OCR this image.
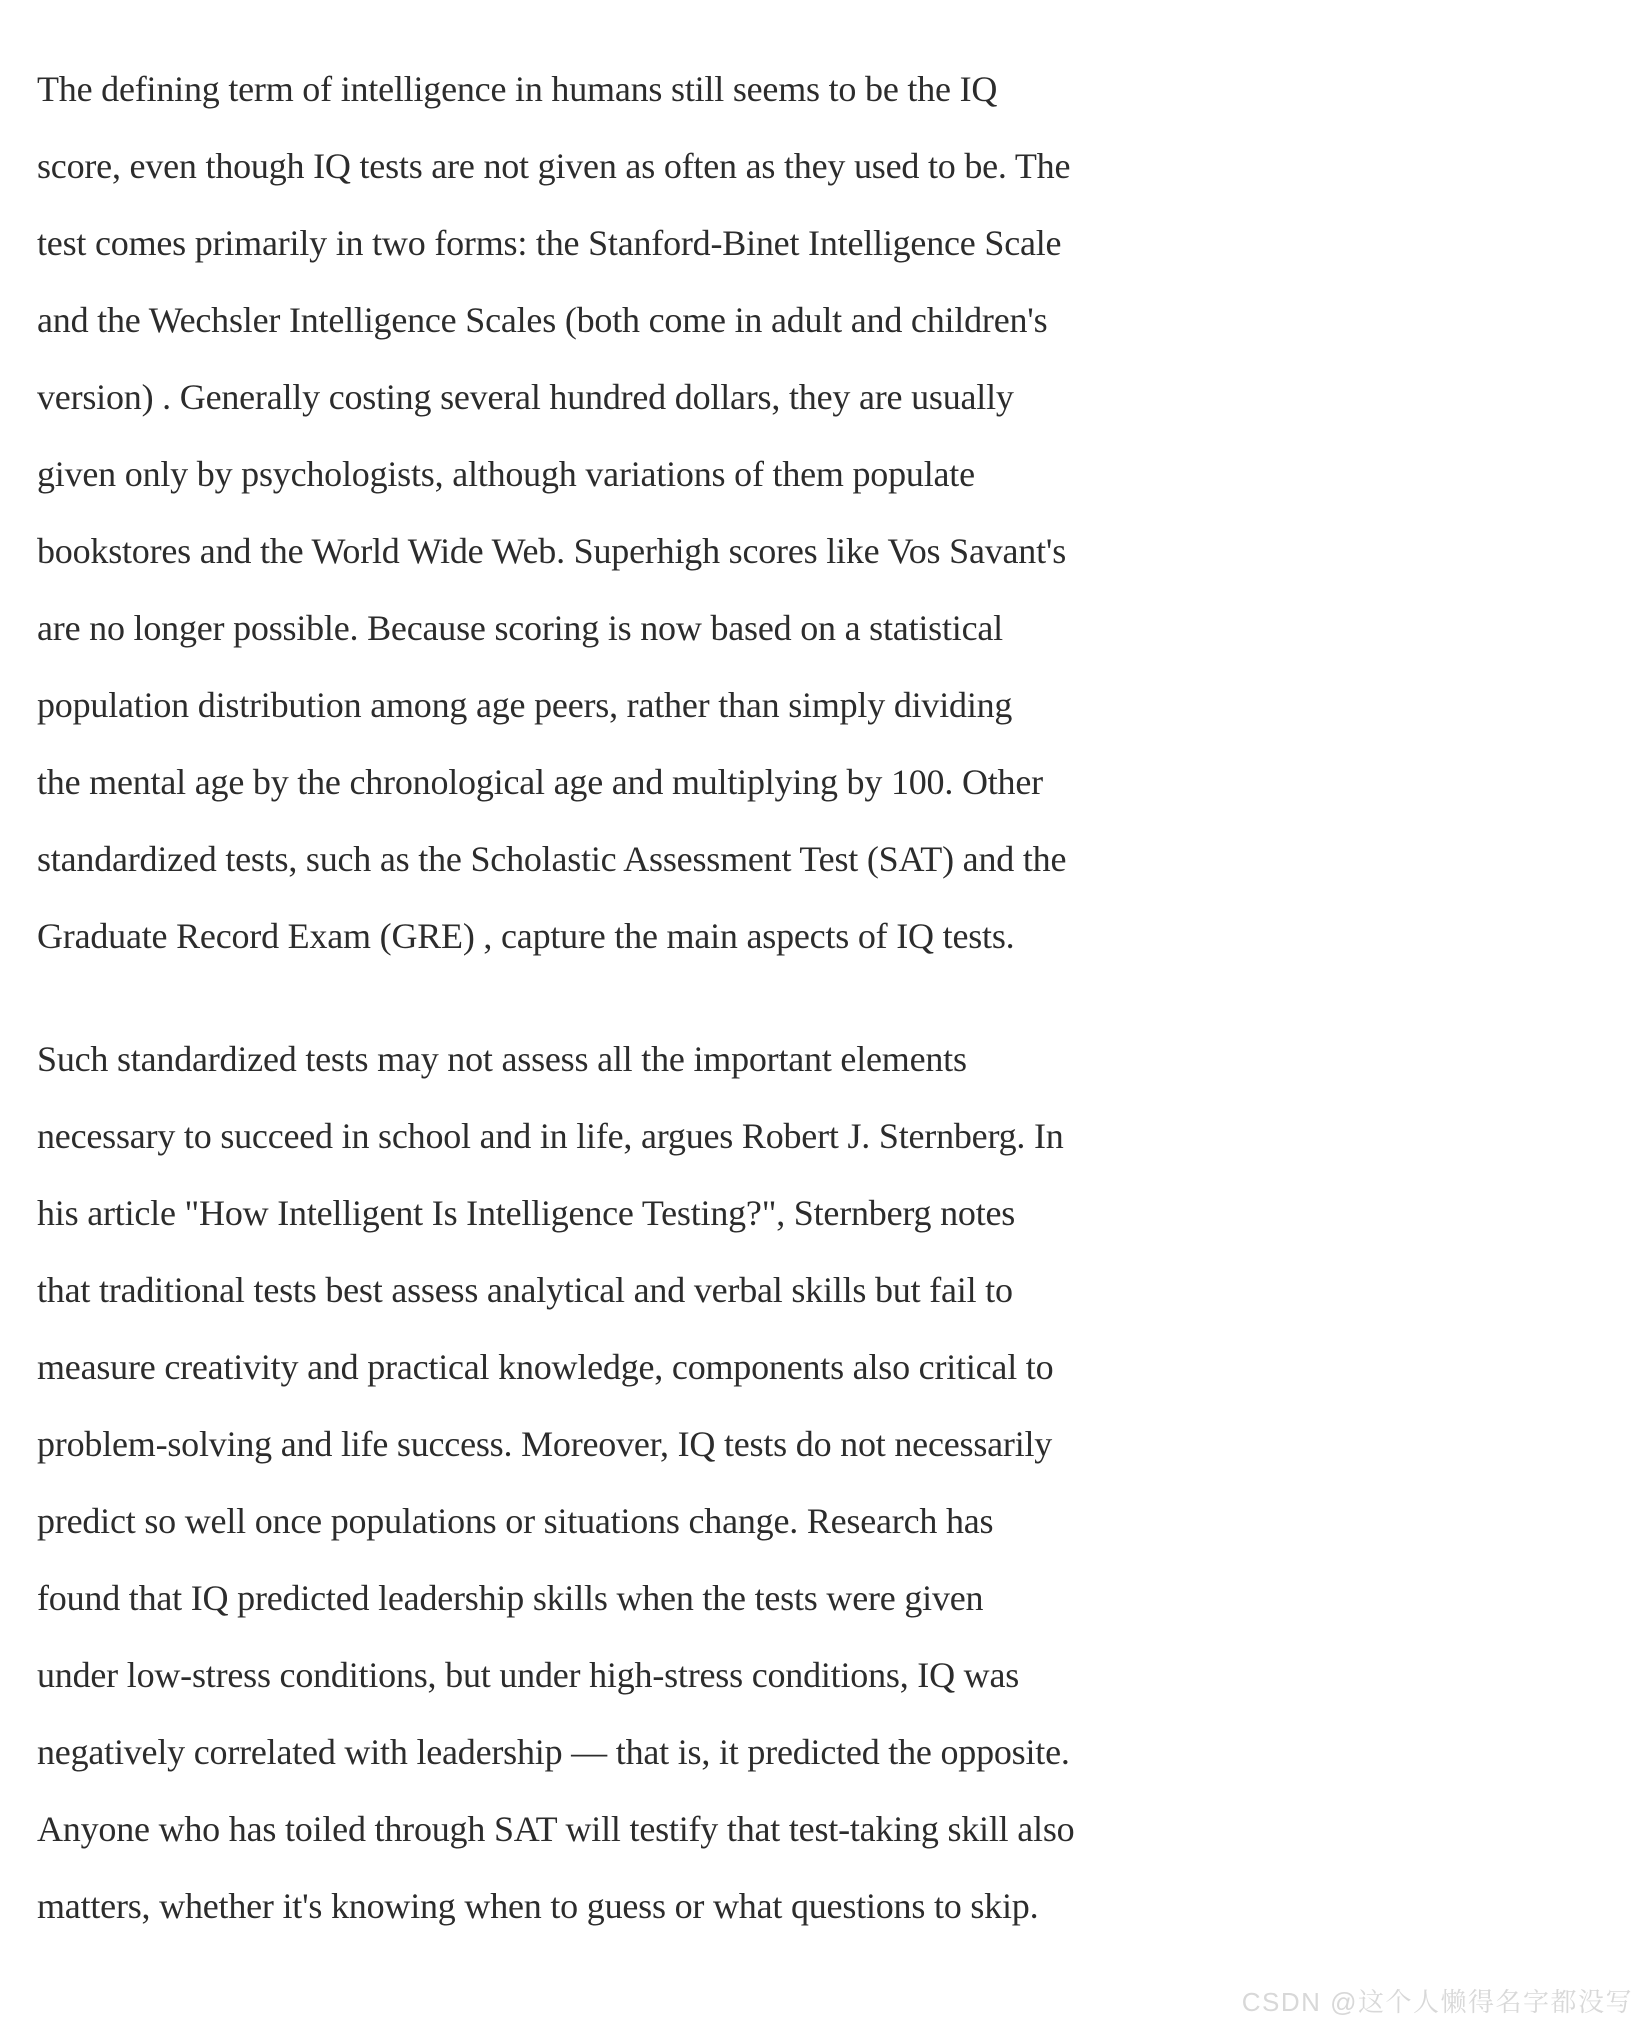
The defining term of intelligence in humans still seems to be the IQ
score, even though IQ tests are not given as often as they used to be. The
test comes primarily in two forms: the Stanford-Binet Intelligence Scale
and the Wechsler Intelligence Scales (both come in adult and children's
version) . Generally costing several hundred dollars, they are usually
given only by psychologists, although variations of them populate
bookstores and the World Wide Web. Superhigh scores like Vos Savant's
are no longer possible. Because scoring is now based on a statistical
population distribution among age peers, rather than simply dividing
the mental age by the chronological age and multiplying by 100. Other
standardized tests, such as the Scholastic Assessment Test (SAT) and the
Graduate Record Exam (GRE) , capture the main aspects of IQ tests.
Such standardized tests may not assess all the important elements
necessary to succeed in school and in life, argues Robert J. Sternberg. In
his article "How Intelligent Is Intelligence Testing?", Sternberg notes
that traditional tests best assess analytical and verbal skills but fail to
measure creativity and practical knowledge, components also critical to
problem-solving and life success. Moreover, IQ tests do not necessarily
predict so well once populations or situations change. Research has
found that IQ predicted leadership skills when the tests were given
under low-stress conditions, but under high-stress conditions, IQ was
negatively correlated with leadership — that is, it predicted the opposite.
Anyone who has toiled through SAT will testify that test-taking skill also
matters, whether it's knowing when to guess or what questions to skip.
CSDN @这个人懒得名字都没写
